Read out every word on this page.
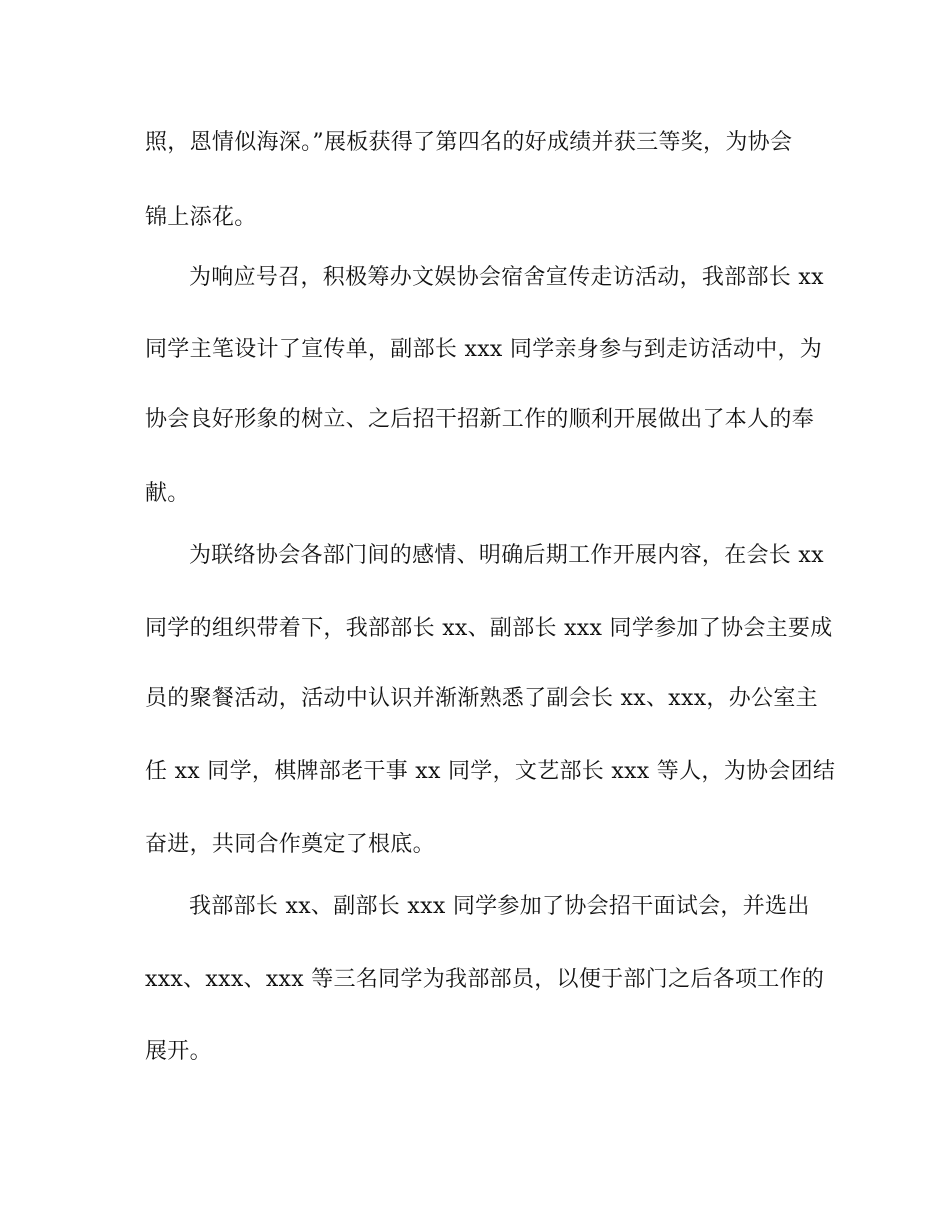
照，恩情似海深。”展板获得了第四名的好成绩并获三等奖，为协会
锦上添花。
为响应号召，积极筹办文娱协会宿舍宣传走访活动，我部部长 xx
同学主笔设计了宣传单，副部长 xxx 同学亲身参与到走访活动中，为
协会良好形象的树立、之后招干招新工作的顺利开展做出了本人的奉
献。
为联络协会各部门间的感情、明确后期工作开展内容，在会长 xx
同学的组织带着下，我部部长 xx、副部长 xxx 同学参加了协会主要成
员的聚餐活动，活动中认识并渐渐熟悉了副会长 xx、xxx，办公室主
任 xx 同学，棋牌部老干事 xx 同学，文艺部长 xxx 等人，为协会团结
奋进，共同合作奠定了根底。
我部部长 xx、副部长 xxx 同学参加了协会招干面试会，并选出
xxx、xxx、xxx 等三名同学为我部部员，以便于部门之后各项工作的
展开。
